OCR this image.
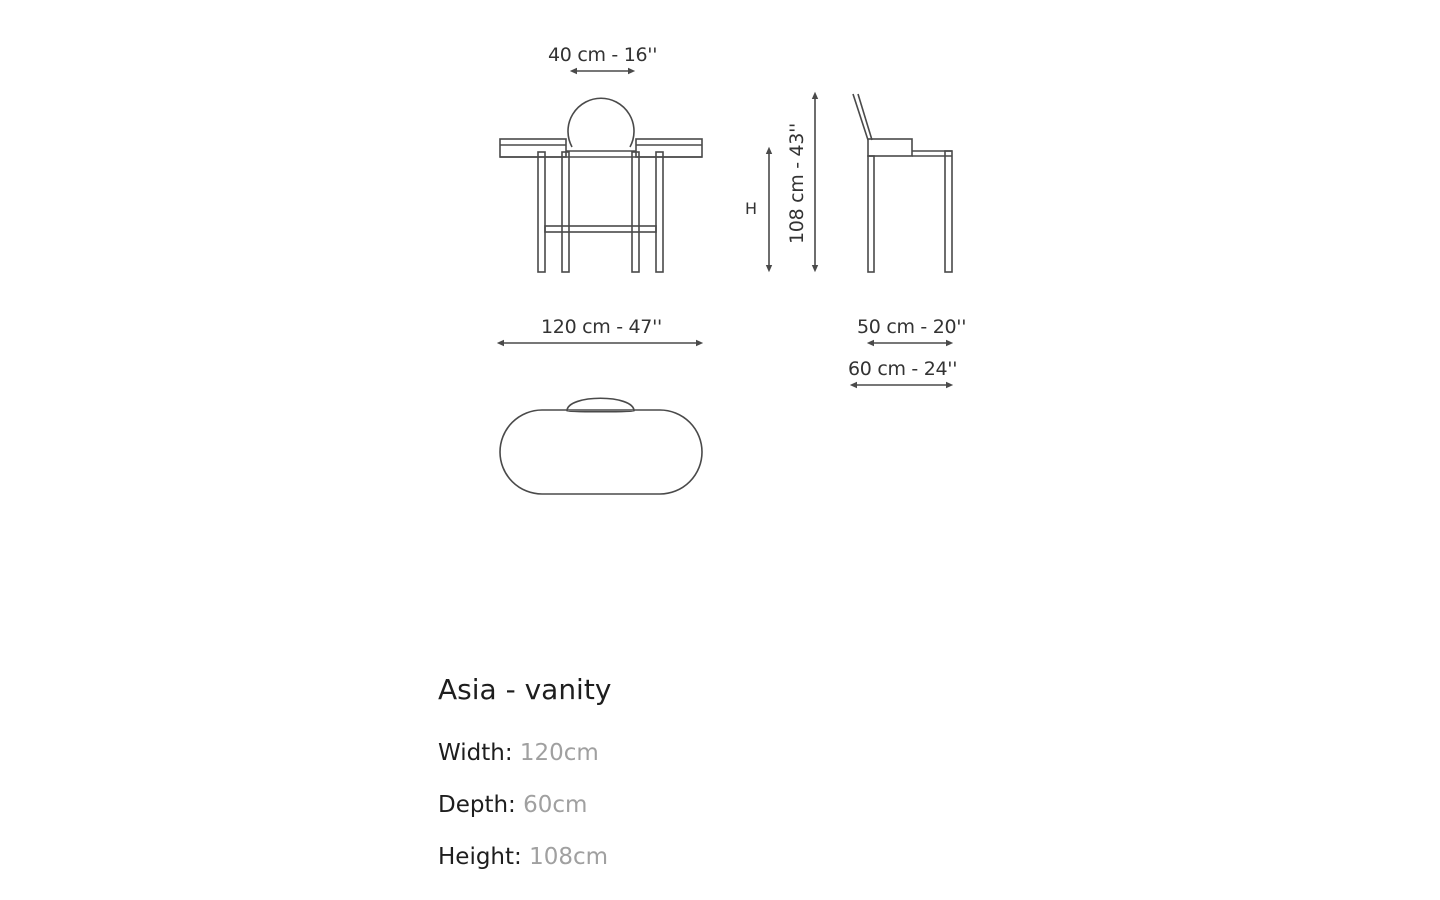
40 cm - 16''
120 cm - 47''
H 108 cm - 43''
50 cm - 20''
60 cm - 24''
Asia - vanity
Width: 120cm
Depth: 60cm
Height: 108cm
